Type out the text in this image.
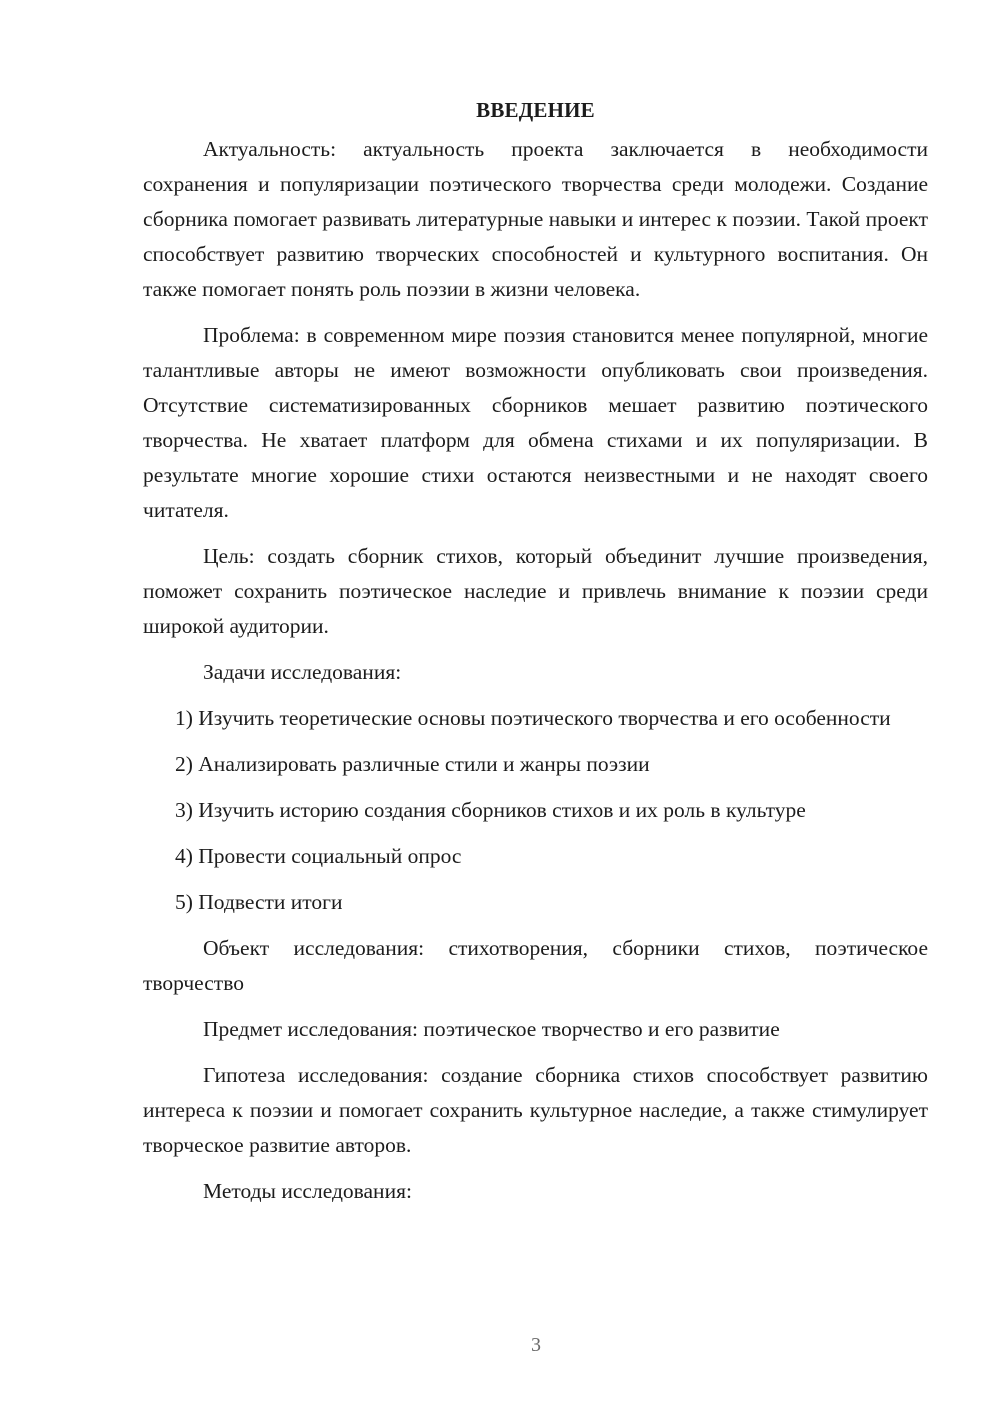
ВВЕДЕНИЕ

Актуальность: актуальность проекта заключается в необходимости сохранения и популяризации поэтического творчества среди молодежи. Создание сборника помогает развивать литературные навыки и интерес к поэзии. Такой проект способствует развитию творческих способностей и культурного воспитания. Он также помогает понять роль поэзии в жизни человека.

Проблема: в современном мире поэзия становится менее популярной, многие талантливые авторы не имеют возможности опубликовать свои произведения. Отсутствие систематизированных сборников мешает развитию поэтического творчества. Не хватает платформ для обмена стихами и их популяризации. В результате многие хорошие стихи остаются неизвестными и не находят своего читателя.

Цель: создать сборник стихов, который объединит лучшие произведения, поможет сохранить поэтическое наследие и привлечь внимание к поэзии среди широкой аудитории.

Задачи исследования:

1) Изучить теоретические основы поэтического творчества и его особенности

2) Анализировать различные стили и жанры поэзии

3) Изучить историю создания сборников стихов и их роль в культуре

4) Провести социальный опрос

5) Подвести итоги

Объект исследования: стихотворения, сборники стихов, поэтическое творчество

Предмет исследования: поэтическое творчество и его развитие

Гипотеза исследования: создание сборника стихов способствует развитию интереса к поэзии и помогает сохранить культурное наследие, а также стимулирует творческое развитие авторов.

Методы исследования:

3
